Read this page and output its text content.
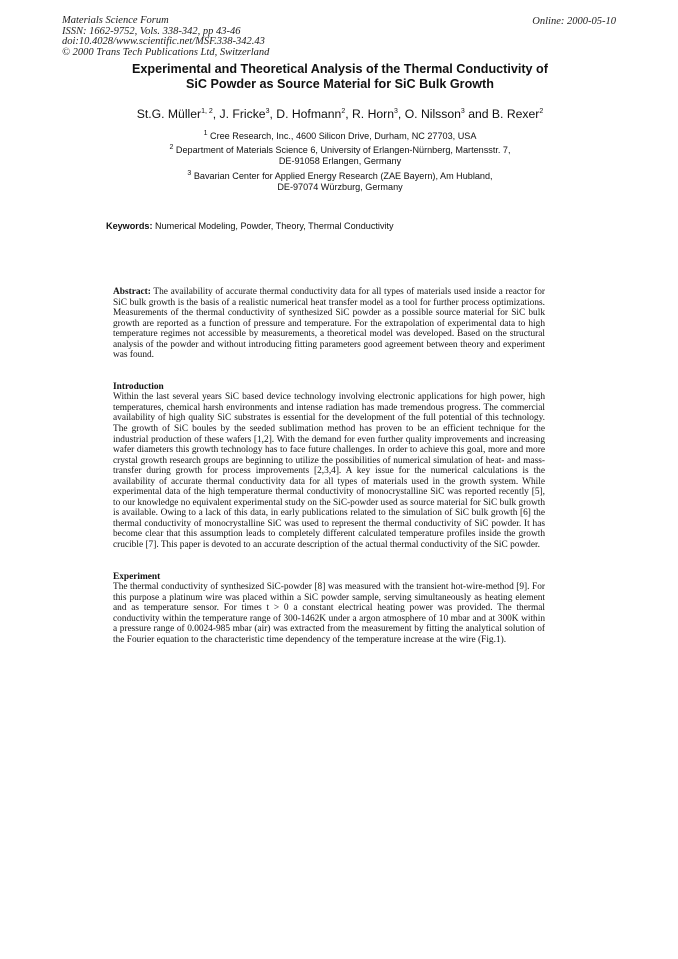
Materials Science Forum
ISSN: 1662-9752, Vols. 338-342, pp 43-46
doi:10.4028/www.scientific.net/MSF.338-342.43
© 2000 Trans Tech Publications Ltd, Switzerland
Online: 2000-05-10
Experimental and Theoretical Analysis of the Thermal Conductivity of
SiC Powder as Source Material for SiC Bulk Growth
St.G. Müller$^{1, 2}$, J. Fricke$^3$, D. Hofmann$^2$, R. Horn$^3$, O. Nilsson$^3$ and B. Rexer$^2$

$^1$ Cree Research, Inc., 4600 Silicon Drive, Durham, NC 27703, USA

$^2$ Department of Materials Science 6, University of Erlangen-Nürnberg, Martensstr. 7,
DE-91058 Erlangen, Germany

$^3$ Bavarian Center for Applied Energy Research (ZAE Bayern), Am Hubland,
DE-97074 Würzburg, Germany

Keywords: Numerical Modeling, Powder, Theory, Thermal Conductivity

Abstract: The availability of accurate thermal conductivity data for all types of materials used inside a reactor for SiC bulk growth is the basis of a realistic numerical heat transfer model as a tool for further process optimizations. Measurements of the thermal conductivity of synthesized SiC powder as a possible source material for SiC bulk growth are reported as a function of pressure and temperature. For the extrapolation of experimental data to high temperature regimes not accessible by measurements, a theoretical model was developed. Based on the structural analysis of the powder and without introducing fitting parameters good agreement between theory and experiment was found.

Introduction

Within the last several years SiC based device technology involving electronic applications for high power, high temperatures, chemical harsh environments and intense radiation has made tremendous progress. The commercial availability of high quality SiC substrates is essential for the development of the full potential of this technology. The growth of SiC boules by the seeded sublimation method has proven to be an efficient technique for the industrial production of these wafers [1,2]. With the demand for even further quality improvements and increasing wafer diameters this growth technology has to face future challenges. In order to achieve this goal, more and more crystal growth research groups are beginning to utilize the possibilities of numerical simulation of heat- and mass-transfer during growth for process improvements [2,3,4]. A key issue for the numerical calculations is the availability of accurate thermal conductivity data for all types of materials used in the growth system. While experimental data of the high temperature thermal conductivity of monocrystalline SiC was reported recently [5], to our knowledge no equivalent experimental study on the SiC-powder used as source material for SiC bulk growth is available. Owing to a lack of this data, in early publications related to the simulation of SiC bulk growth [6] the thermal conductivity of monocrystalline SiC was used to represent the thermal conductivity of SiC powder. It has become clear that this assumption leads to completely different calculated temperature profiles inside the growth crucible [7]. This paper is devoted to an accurate description of the actual thermal conductivity of the SiC powder.

Experiment

The thermal conductivity of synthesized SiC-powder [8] was measured with the transient hot-wire-method [9]. For this purpose a platinum wire was placed within a SiC powder sample, serving simultaneously as heating element and as temperature sensor. For times t > 0 a constant electrical heating power was provided. The thermal conductivity within the temperature range of 300-1462K under a argon atmosphere of 10 mbar and at 300K within a pressure range of 0.0024-985 mbar (air) was extracted from the measurement by fitting the analytical solution of the Fourier equation to the characteristic time dependency of the temperature increase at the wire (Fig.1).
